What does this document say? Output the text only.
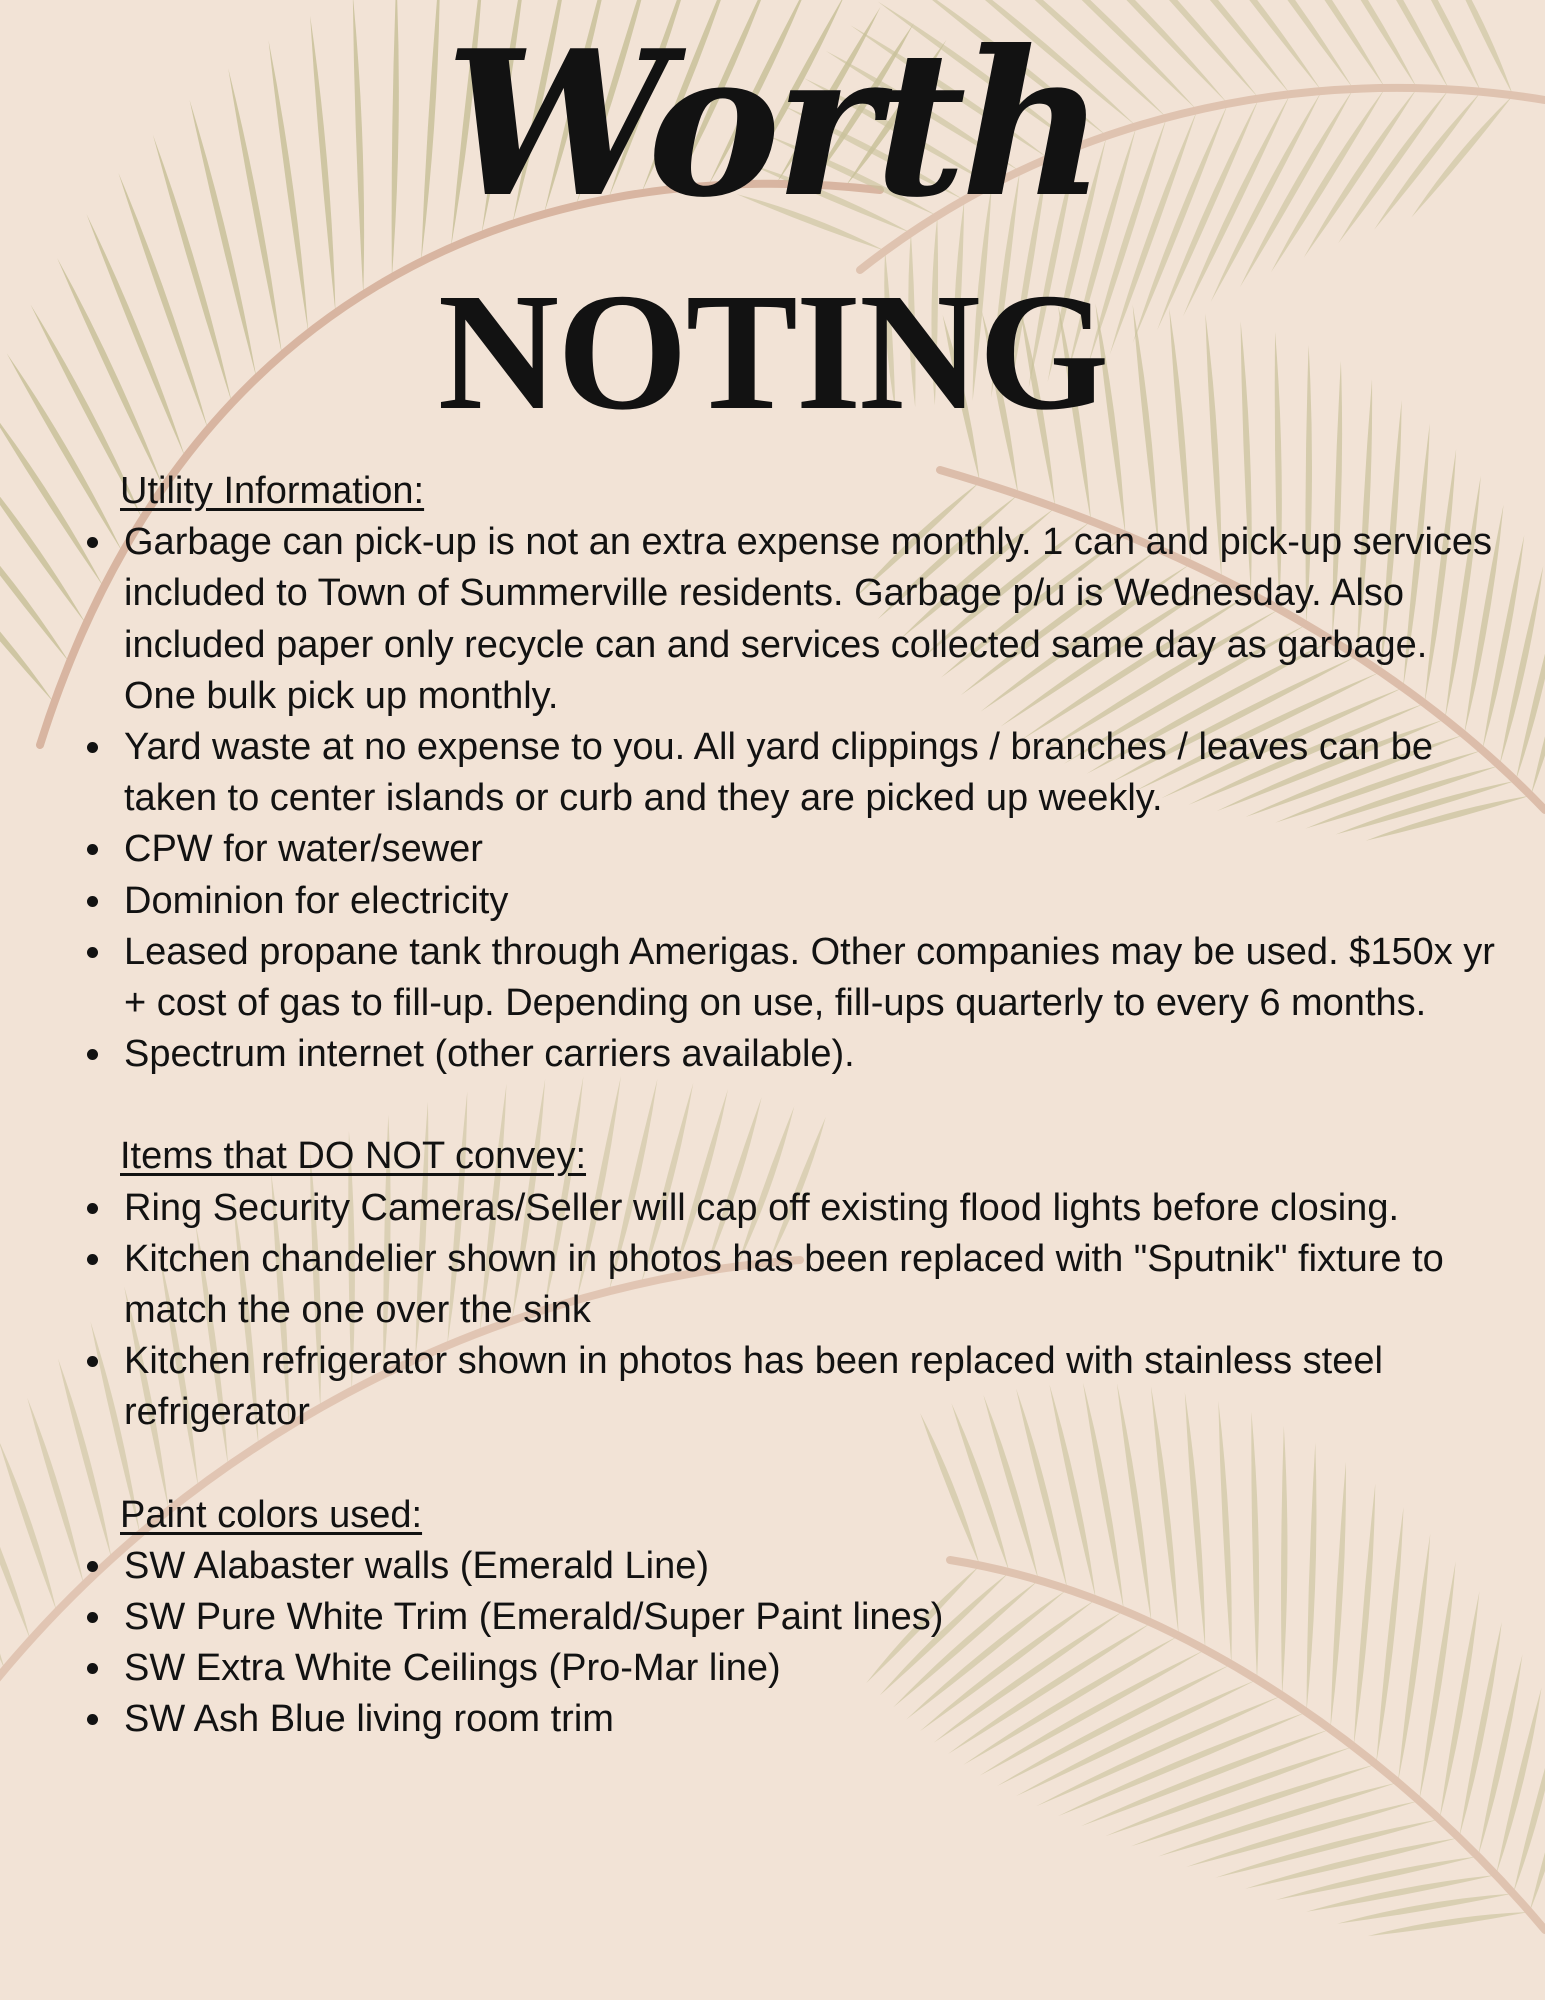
Worth
NOTING
Utility Information:
Garbage can pick-up is not an extra expense monthly. 1 can and pick-up services included to Town of Summerville residents. Garbage p/u is Wednesday. Also included paper only recycle can and services collected same day as garbage. One bulk pick up monthly.
Yard waste at no expense to you. All yard clippings / branches / leaves can be taken to center islands or curb and they are picked up weekly.
CPW for water/sewer
Dominion for electricity
Leased propane tank through Amerigas. Other companies may be used. $150x yr + cost of gas to fill-up. Depending on use, fill-ups quarterly to every 6 months.
Spectrum internet (other carriers available).
Items that DO NOT convey:
Ring Security Cameras/Seller will cap off existing flood lights before closing.
Kitchen chandelier shown in photos has been replaced with "Sputnik" fixture to match the one over the sink
Kitchen refrigerator shown in photos has been replaced with stainless steel refrigerator
Paint colors used:
SW Alabaster walls (Emerald Line)
SW Pure White Trim (Emerald/Super Paint lines)
SW Extra White Ceilings (Pro-Mar line)
SW Ash Blue living room trim
